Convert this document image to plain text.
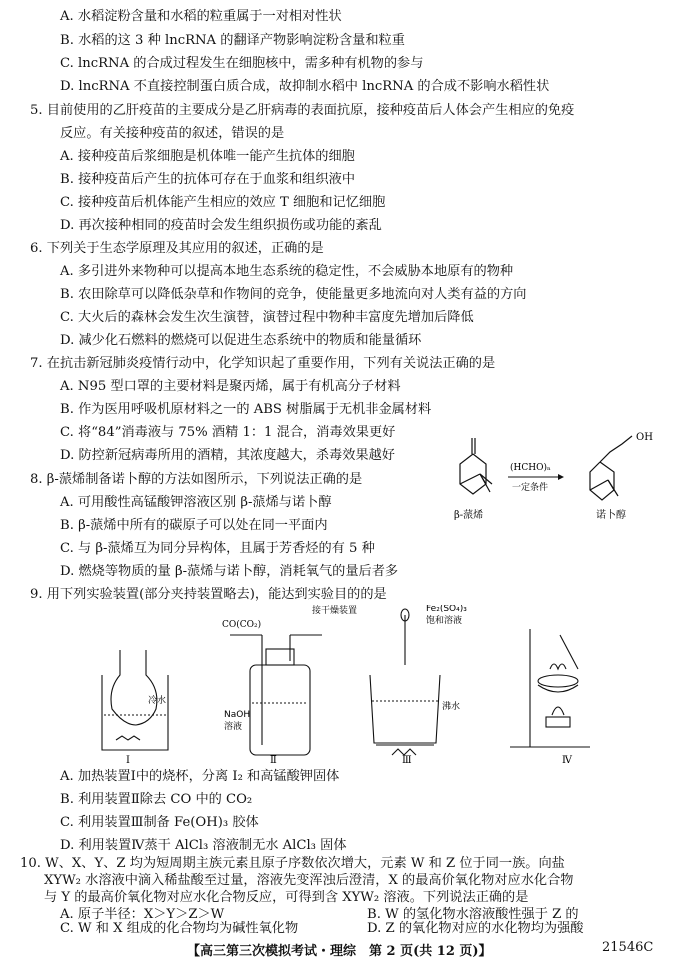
A. 水稻淀粉含量和水稻的粒重属于一对相对性状
B. 水稻的这 3 种 lncRNA 的翻译产物影响淀粉含量和粒重
C. lncRNA 的合成过程发生在细胞核中，需多种有机物的参与
D. lncRNA 不直接控制蛋白质合成，故抑制水稻中 lncRNA 的合成不影响水稻性状
5. 目前使用的乙肝疫苗的主要成分是乙肝病毒的表面抗原，接种疫苗后人体会产生相应的免疫
反应。有关接种疫苗的叙述，错误的是
A. 接种疫苗后浆细胞是机体唯一能产生抗体的细胞
B. 接种疫苗后产生的抗体可存在于血浆和组织液中
C. 接种疫苗后机体能产生相应的效应 T 细胞和记忆细胞
D. 再次接种相同的疫苗时会发生组织损伤或功能的紊乱
6. 下列关于生态学原理及其应用的叙述，正确的是
A. 多引进外来物种可以提高本地生态系统的稳定性，不会威胁本地原有的物种
B. 农田除草可以降低杂草和作物间的竞争，使能量更多地流向对人类有益的方向
C. 大火后的森林会发生次生演替，演替过程中物种丰富度先增加后降低
D. 减少化石燃料的燃烧可以促进生态系统中的物质和能量循环
7. 在抗击新冠肺炎疫情行动中，化学知识起了重要作用，下列有关说法正确的是
A. N95 型口罩的主要材料是聚丙烯，属于有机高分子材料
B. 作为医用呼吸机原材料之一的 ABS 树脂属于无机非金属材料
C. 将“84”消毒液与 75% 酒精 1：1 混合，消毒效果更好
D. 防控新冠病毒所用的酒精，其浓度越大，杀毒效果越好
8. β-蒎烯制备诺卜醇的方法如图所示，下列说法正确的是
A. 可用酸性高锰酸钾溶液区别 β-蒎烯与诺卜醇
B. β-蒎烯中所有的碳原子可以处在同一平面内
C. 与 β-蒎烯互为同分异构体，且属于芳香烃的有 5 种
D. 燃烧等物质的量 β-蒎烯与诺卜醇，消耗氧气的量后者多
9. 用下列实验装置(部分夹持装置略去)，能达到实验目的的是
A. 加热装置Ⅰ中的烧杯，分离 I₂ 和高锰酸钾固体
B. 利用装置Ⅱ除去 CO 中的 CO₂
C. 利用装置Ⅲ制备 Fe(OH)₃ 胶体
D. 利用装置Ⅳ蒸干 AlCl₃ 溶液制无水 AlCl₃ 固体
10. W、X、Y、Z 均为短周期主族元素且原子序数依次增大，元素 W 和 Z 位于同一族。向盐
XYW₂ 水溶液中滴入稀盐酸至过量，溶液先变浑浊后澄清，X 的最高价氧化物对应水化合物
与 Y 的最高价氧化物对应水化合物反应，可得到含 XYW₂ 溶液。下列说法正确的是
(HCHO)ₙ
一定条件
OH
β-蒎烯	诺卜醇
冷水
Ⅰ
CO(CO₂)
接干燥装置
NaOH
溶液
Ⅱ
Fe₂(SO₄)₃
饱和溶液
沸水
Ⅲ	Ⅳ
【高三第三次模拟考试・理综　第 2 页(共 12 页)】	21546C
A. 原子半径：X＞Y＞Z＞W	B. W 的氢化物水溶液酸性强于 Z 的
C. W 和 X 组成的化合物均为碱性氧化物	D. Z 的氧化物对应的水化物均为强酸
